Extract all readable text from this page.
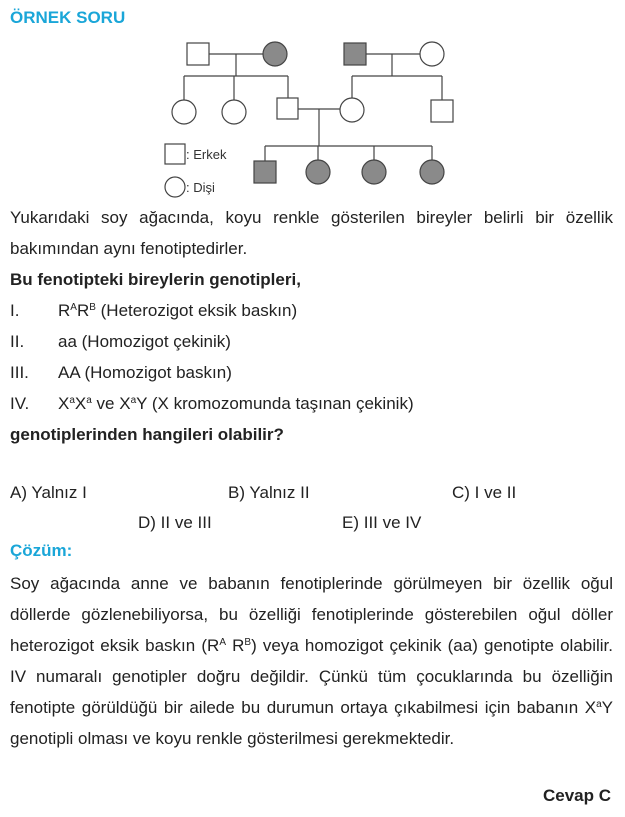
ÖRNEK SORU
: Erkek
: Dişi
Yukarıdaki soy ağacında, koyu renkle gösterilen bireyler belirli bir özellik bakımından aynı fenotiptedirler.
Bu fenotipteki bireylerin genotipleri,
I. $R^AR^B$ (Heterozigot eksik baskın)
II. aa (Homozigot çekinik)
III. AA (Homozigot baskın)
IV. $X^aX^a$ ve $X^aY$ (X kromozomunda taşınan çekinik)
genotiplerinden hangileri olabilir?
A) Yalnız I	B) Yalnız II	C) I ve II
D) II ve III	E) III ve IV
Çözüm:
Soy ağacında anne ve babanın fenotiplerinde görülmeyen bir özellik oğul döllerde gözlenebiliyorsa, bu özelliği fenotiplerinde gösterebilen oğul döller heterozigot eksik baskın ($R^A$ $R^B$) veya homozigot çekinik (aa) genotipte olabilir. IV numaralı genotipler doğru değildir. Çünkü tüm çocuklarında bu özelliğin fenotipte görüldüğü bir ailede bu durumun ortaya çıkabilmesi için babanın $X^aY$ genotipli olması ve koyu renkle gösterilmesi gerekmektedir.
Cevap C
